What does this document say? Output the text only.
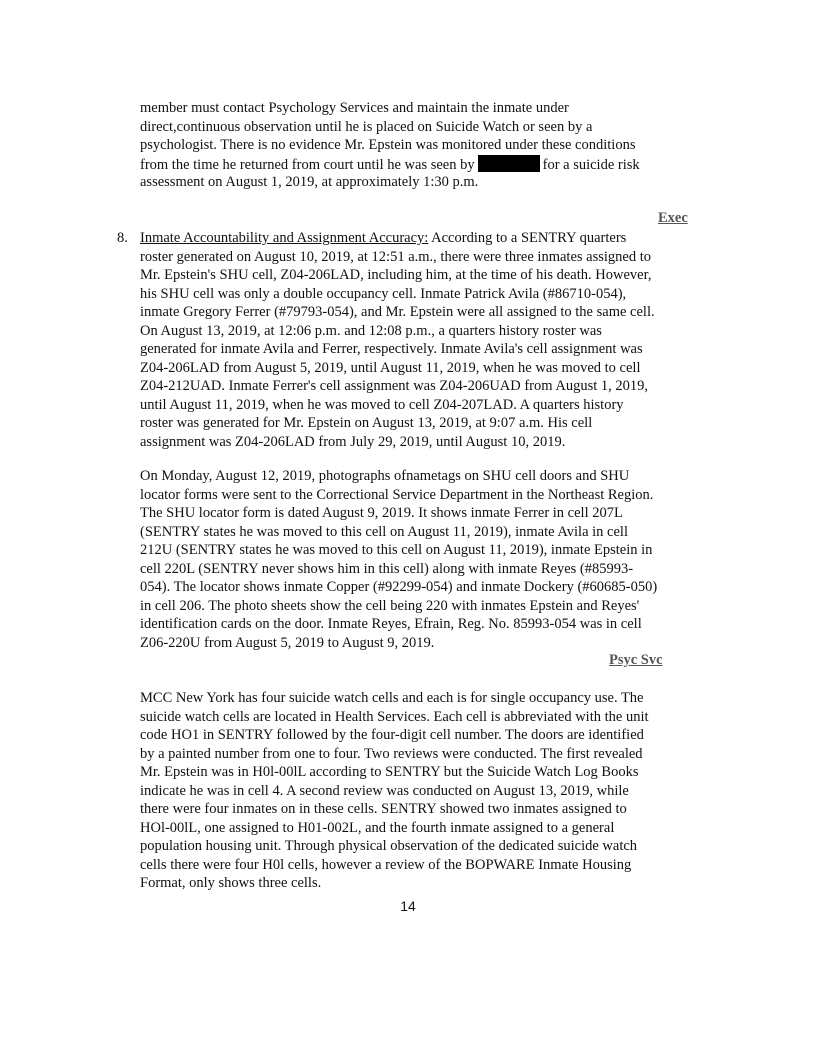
member must contact Psychology Services and maintain the inmate under
direct,continuous observation until he is placed on Suicide Watch or seen by a
psychologist. There is no evidence Mr. Epstein was monitored under these conditions
from the time he returned from court until he was seen by	for a suicide risk
assessment on August 1, 2019, at approximately 1:30 p.m.
Exec
8. Inmate Accountability and Assignment Accuracy: According to a SENTRY quarters
roster generated on August 10, 2019, at 12:51 a.m., there were three inmates assigned to
Mr. Epstein's SHU cell, Z04-206LAD, including him, at the time of his death. However,
his SHU cell was only a double occupancy cell. Inmate Patrick Avila (#86710-054),
inmate Gregory Ferrer (#79793-054), and Mr. Epstein were all assigned to the same cell.
On August 13, 2019, at 12:06 p.m. and 12:08 p.m., a quarters history roster was
generated for inmate Avila and Ferrer, respectively. Inmate Avila's cell assignment was
Z04-206LAD from August 5, 2019, until August 11, 2019, when he was moved to cell
Z04-212UAD. Inmate Ferrer's cell assignment was Z04-206UAD from August 1, 2019,
until August 11, 2019, when he was moved to cell Z04-207LAD. A quarters history
roster was generated for Mr. Epstein on August 13, 2019, at 9:07 a.m. His cell
assignment was Z04-206LAD from July 29, 2019, until August 10, 2019.
On Monday, August 12, 2019, photographs ofnametags on SHU cell doors and SHU
locator forms were sent to the Correctional Service Department in the Northeast Region.
The SHU locator form is dated August 9, 2019. It shows inmate Ferrer in cell 207L
(SENTRY states he was moved to this cell on August 11, 2019), inmate Avila in cell
212U (SENTRY states he was moved to this cell on August 11, 2019), inmate Epstein in
cell 220L (SENTRY never shows him in this cell) along with inmate Reyes (#85993-
054). The locator shows inmate Copper (#92299-054) and inmate Dockery (#60685-050)
in cell 206. The photo sheets show the cell being 220 with inmates Epstein and Reyes'
identification cards on the door. Inmate Reyes, Efrain, Reg. No. 85993-054 was in cell
Z06-220U from August 5, 2019 to August 9, 2019.
Psyc Svc
MCC New York has four suicide watch cells and each is for single occupancy use. The
suicide watch cells are located in Health Services. Each cell is abbreviated with the unit
code HO1 in SENTRY followed by the four-digit cell number. The doors are identified
by a painted number from one to four. Two reviews were conducted. The first revealed
Mr. Epstein was in H0l-00lL according to SENTRY but the Suicide Watch Log Books
indicate he was in cell 4. A second review was conducted on August 13, 2019, while
there were four inmates on in these cells. SENTRY showed two inmates assigned to
HOl-00lL, one assigned to H01-002L, and the fourth inmate assigned to a general
population housing unit. Through physical observation of the dedicated suicide watch
cells there were four H0l cells, however a review of the BOPWARE Inmate Housing
Format, only shows three cells.
14
